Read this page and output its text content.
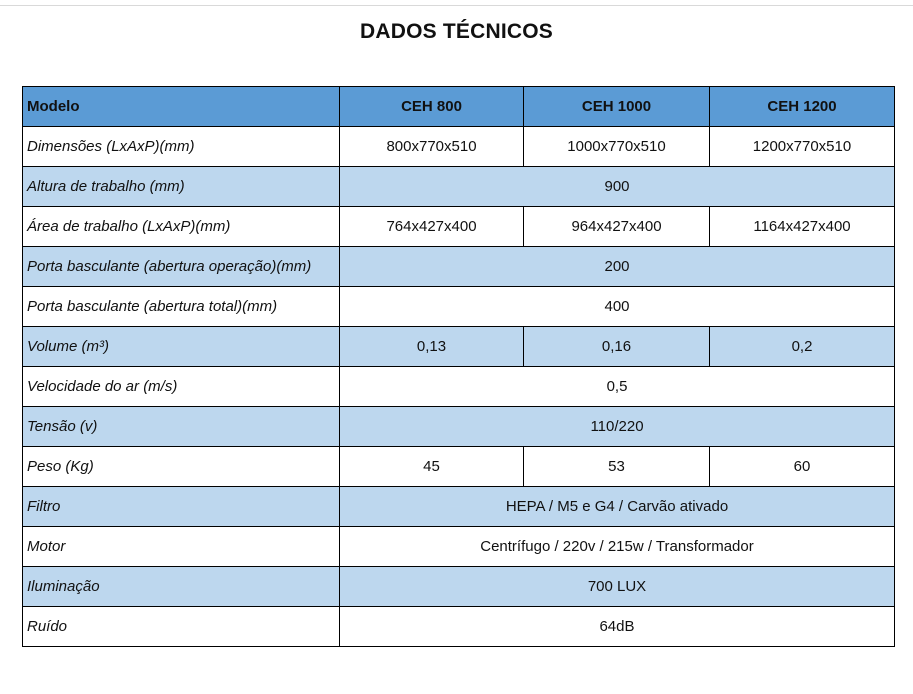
DADOS TÉCNICOS
Modelo	CEH 800	CEH 1000	CEH 1200
Dimensões (LxAxP)(mm)	800x770x510	1000x770x510	1200x770x510
Altura de trabalho (mm)	900		
Área de trabalho (LxAxP)(mm)	764x427x400	964x427x400	1164x427x400
Porta basculante (abertura operação)(mm)	200		
Porta basculante (abertura total)(mm)	400		
Volume (m³)	0,13	0,16	0,2
Velocidade do ar (m/s)	0,5		
Tensão (v)	110/220		
Peso (Kg)	45	53	60
Filtro	HEPA / M5 e G4 / Carvão ativado		
Motor	Centrífugo / 220v / 215w / Transformador		
Iluminação	700 LUX		
Ruído	64dB		
